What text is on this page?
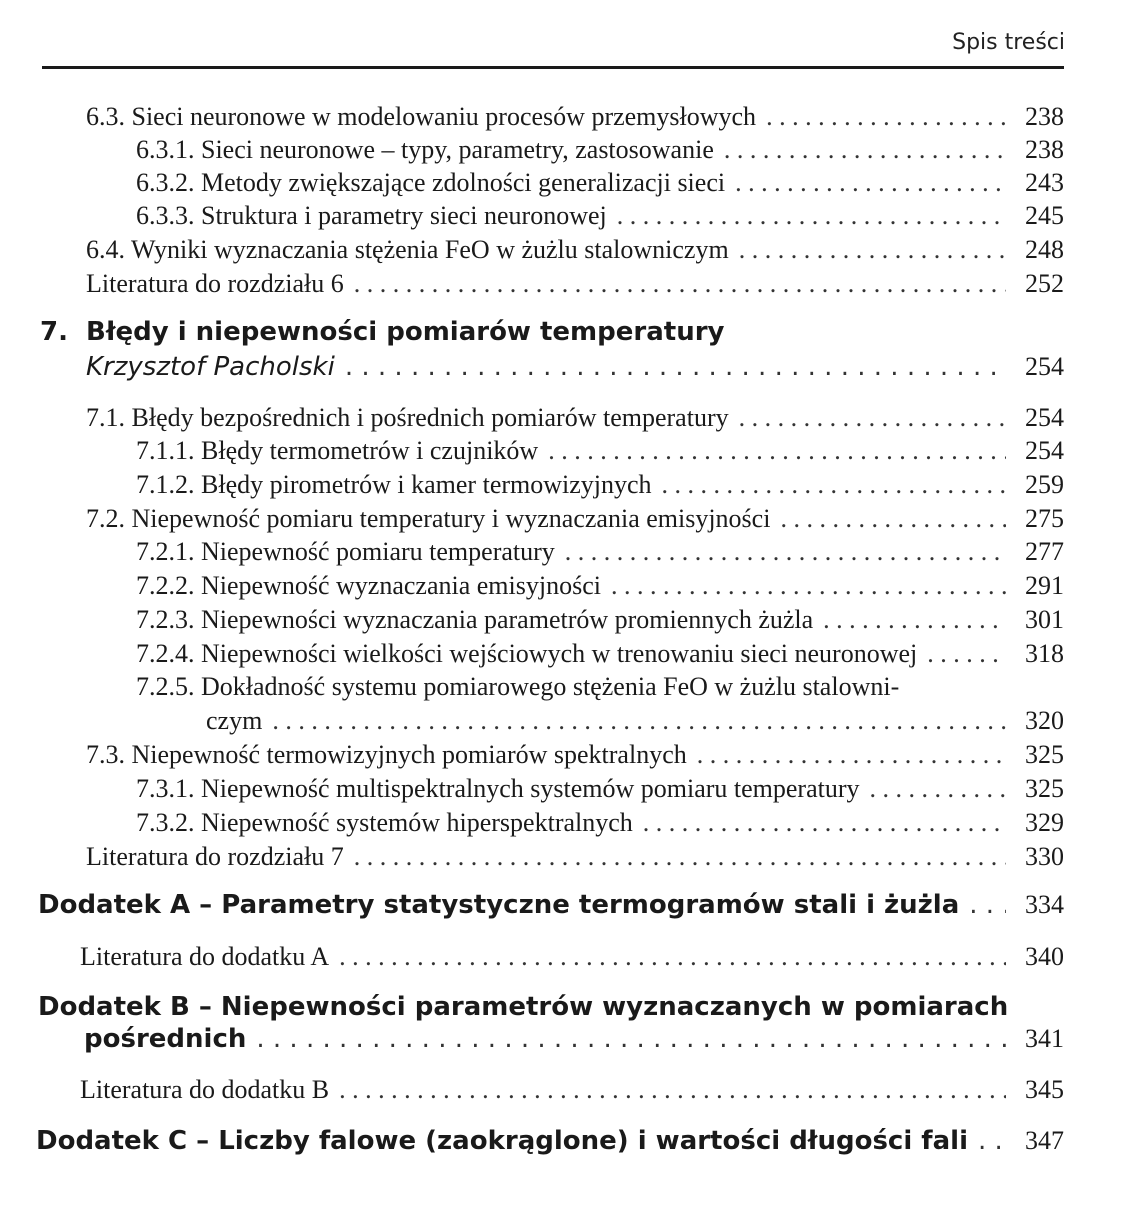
Spis treści
6.3. Sieci neuronowe w modelowaniu procesów przemysłowych . . .	238
6.3.1. Sieci neuronowe – typy, parametry, zastosowanie . . .	238
6.3.2. Metody zwiększające zdolności generalizacji sieci . . .	243
6.3.3. Struktura i parametry sieci neuronowej . . .	245
6.4. Wyniki wyznaczania stężenia FeO w żużlu stalowniczym . . .	248
Literatura do rozdziału 6 . . .	252
7. Błędy i niepewności pomiarów temperatury
Krzysztof Pacholski . . .	254
7.1. Błędy bezpośrednich i pośrednich pomiarów temperatury . . .	254
7.1.1. Błędy termometrów i czujników . . .	254
7.1.2. Błędy pirometrów i kamer termowizyjnych . . .	259
7.2. Niepewność pomiaru temperatury i wyznaczania emisyjności . . .	275
7.2.1. Niepewność pomiaru temperatury . . .	277
7.2.2. Niepewność wyznaczania emisyjności . . .	291
7.2.3. Niepewności wyznaczania parametrów promiennych żużla . . .	301
7.2.4. Niepewności wielkości wejściowych w trenowaniu sieci neuronowej . . .	318
7.2.5. Dokładność systemu pomiarowego stężenia FeO w żużlu stalowni-
czym . . .	320
7.3. Niepewność termowizyjnych pomiarów spektralnych . . .	325
7.3.1. Niepewność multispektralnych systemów pomiaru temperatury . . .	325
7.3.2. Niepewność systemów hiperspektralnych . . .	329
Literatura do rozdziału 7 . . .	330
Dodatek A – Parametry statystyczne termogramów stali i żużla . . .	334
Literatura do dodatku A . . .	340
Dodatek B – Niepewności parametrów wyznaczanych w pomiarach
pośrednich . . .	341
Literatura do dodatku B . . .	345
Dodatek C – Liczby falowe (zaokrąglone) i wartości długości fali . . .	347
